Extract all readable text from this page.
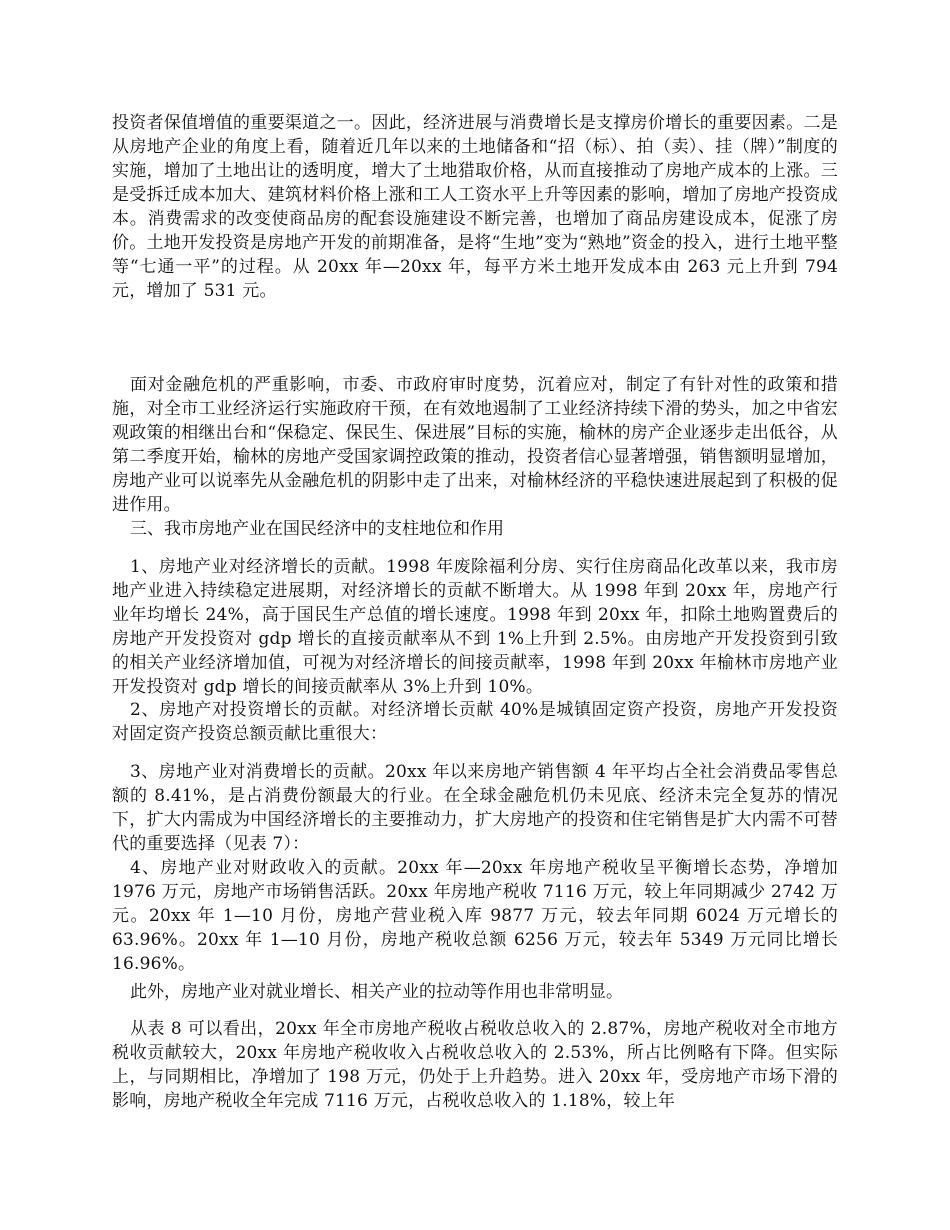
投资者保值增值的重要渠道之一。因此，经济进展与消费增长是支撑房价增长的重要因素。二是从房地产企业的角度上看，随着近几年以来的土地储备和“招（标）、拍（卖）、挂（牌）”制度的实施，增加了土地出让的透明度，增大了土地猎取价格，从而直接推动了房地产成本的上涨。三是受拆迁成本加大、建筑材料价格上涨和工人工资水平上升等因素的影响，增加了房地产投资成本。消费需求的改变使商品房的配套设施建设不断完善，也增加了商品房建设成本，促涨了房价。土地开发投资是房地产开发的前期准备，是将“生地”变为“熟地”资金的投入，进行土地平整等“七通一平”的过程。从 20xx 年—20xx 年，每平方米土地开发成本由 263 元上升到 794 元，增加了 531 元。

面对金融危机的严重影响，市委、市政府审时度势，沉着应对，制定了有针对性的政策和措施，对全市工业经济运行实施政府干预，在有效地遏制了工业经济持续下滑的势头，加之中省宏观政策的相继出台和“保稳定、保民生、保进展”目标的实施，榆林的房产企业逐步走出低谷，从第二季度开始，榆林的房地产受国家调控政策的推动，投资者信心显著增强，销售额明显增加，房地产业可以说率先从金融危机的阴影中走了出来，对榆林经济的平稳快速进展起到了积极的促进作用。

三、我市房地产业在国民经济中的支柱地位和作用

1、房地产业对经济增长的贡献。1998 年废除福利分房、实行住房商品化改革以来，我市房地产业进入持续稳定进展期，对经济增长的贡献不断增大。从 1998 年到 20xx 年，房地产行业年均增长 24%，高于国民生产总值的增长速度。1998 年到 20xx 年，扣除土地购置费后的房地产开发投资对 gdp 增长的直接贡献率从不到 1%上升到 2.5%。由房地产开发投资到引致的相关产业经济增加值，可视为对经济增长的间接贡献率，1998 年到 20xx 年榆林市房地产业开发投资对 gdp 增长的间接贡献率从 3%上升到 10%。

2、房地产对投资增长的贡献。对经济增长贡献 40%是城镇固定资产投资，房地产开发投资对固定资产投资总额贡献比重很大：

3、房地产业对消费增长的贡献。20xx 年以来房地产销售额 4 年平均占全社会消费品零售总额的 8.41%，是占消费份额最大的行业。在全球金融危机仍未见底、经济未完全复苏的情况下，扩大内需成为中国经济增长的主要推动力，扩大房地产的投资和住宅销售是扩大内需不可替代的重要选择（见表 7）：

4、房地产业对财政收入的贡献。20xx 年—20xx 年房地产税收呈平衡增长态势，净增加 1976 万元，房地产市场销售活跃。20xx 年房地产税收 7116 万元，较上年同期减少 2742 万元。20xx 年 1—10 月份，房地产营业税入库 9877 万元，较去年同期 6024 万元增长的 63.96%。20xx 年 1—10 月份，房地产税收总额 6256 万元，较去年 5349 万元同比增长 16.96%。

此外，房地产业对就业增长、相关产业的拉动等作用也非常明显。

从表 8 可以看出，20xx 年全市房地产税收占税收总收入的 2.87%，房地产税收对全市地方税收贡献较大，20xx 年房地产税收收入占税收总收入的 2.53%，所占比例略有下降。但实际上，与同期相比，净增加了 198 万元，仍处于上升趋势。进入 20xx 年，受房地产市场下滑的影响，房地产税收全年完成 7116 万元，占税收总收入的 1.18%，较上年
